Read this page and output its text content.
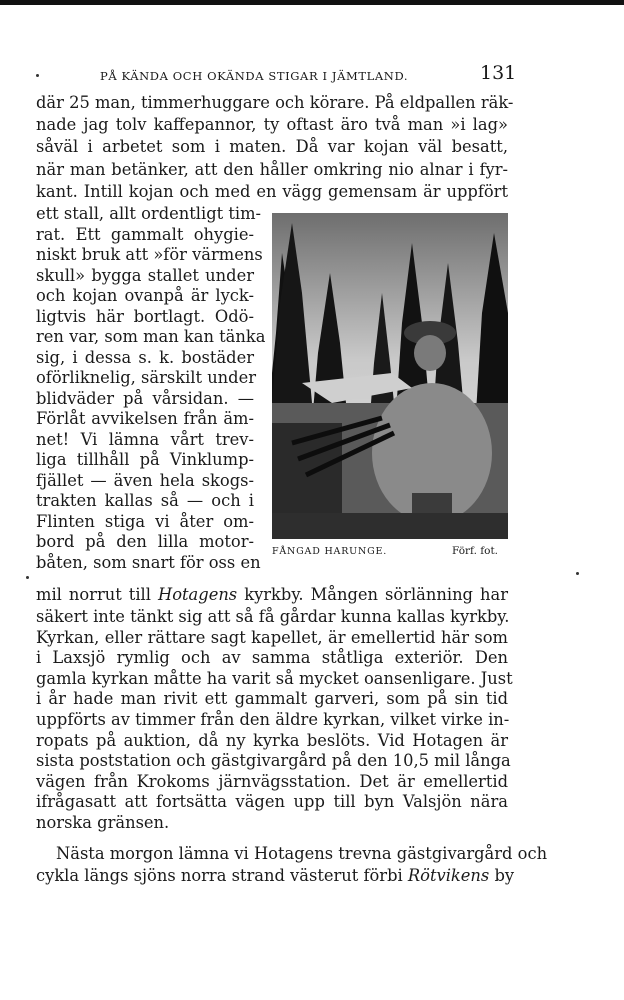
PÅ KÄNDA OCH OKÄNDA STIGAR I JÄMTLAND.	131
där 25 man, timmerhuggare och körare. På eldpallen räk-
nade jag tolv kaffepannor, ty oftast äro två man »i lag»
såväl i arbetet som i maten. Då var kojan väl besatt,
när man betänker, att den håller omkring nio alnar i fyr-
kant. Intill kojan och med en vägg gemensam är uppfört
ett stall, allt ordentligt tim-
rat. Ett gammalt ohygie-
niskt bruk att »för värmens
skull» bygga stallet under
och kojan ovanpå är lyck-
ligtvis här bortlagt. Odö-
ren var, som man kan tänka
sig, i dessa s. k. bostäder
oförliknelig, särskilt under
blidväder på vårsidan. —
Förlåt avvikelsen från äm-
net! Vi lämna vårt trev-
liga tillhåll på Vinklump-
fjället — även hela skogs-
trakten kallas så — och i
Flinten stiga vi åter om-
bord på den lilla motor-
båten, som snart för oss en
FÅNGAD HARUNGE.	Förf. fot.
mil norrut till Hotagens kyrkby. Mången sörlänning har
säkert inte tänkt sig att så få gårdar kunna kallas kyrkby.
Kyrkan, eller rättare sagt kapellet, är emellertid här som
i Laxsjö rymlig och av samma ståtliga exteriör. Den
gamla kyrkan måtte ha varit så mycket oansenligare. Just
i år hade man rivit ett gammalt garveri, som på sin tid
uppförts av timmer från den äldre kyrkan, vilket virke in-
ropats på auktion, då ny kyrka beslöts. Vid Hotagen är
sista poststation och gästgivargård på den 10,5 mil långa
vägen från Krokoms järnvägsstation. Det är emellertid
ifrågasatt att fortsätta vägen upp till byn Valsjön nära
norska gränsen.
Nästa morgon lämna vi Hotagens trevna gästgivargård och
cykla längs sjöns norra strand västerut förbi Rötvikens by
